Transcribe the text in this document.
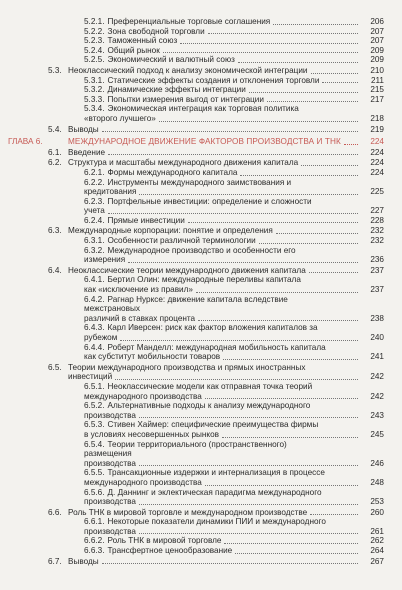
5.2.1. Преференциальные торговые соглашения	206
5.2.2. Зона свободной торговли	207
5.2.3. Таможенный союз	207
5.2.4. Общий рынок	209
5.2.5. Экономический и валютный союз	209
5.3. Неоклассический подход к анализу экономической интеграции	210
5.3.1. Статические эффекты создания и отклонения торговли	211
5.3.2. Динамические эффекты интеграции	215
5.3.3. Попытки измерения выгод от интеграции	217
5.3.4. Экономическая интеграция как торговая политика
«второго лучшего»	218
5.4. Выводы	219
ГЛАВА 6.	МЕЖДУНАРОДНОЕ ДВИЖЕНИЕ ФАКТОРОВ ПРОИЗВОДСТВА И ТНК	224
6.1. Введение	224
6.2. Структура и масштабы международного движения капитала	224
6.2.1. Формы международного капитала	224
6.2.2. Инструменты международного заимствования и кредитования	225
6.2.3. Портфельные инвестиции: определение и сложности учета	227
6.2.4. Прямые инвестиции	228
6.3. Международные корпорации: понятие и определения	232
6.3.1. Особенности различной терминологии	232
6.3.2. Международное производство и особенности его измерения	236
6.4. Неоклассические теории международного движения капитала	237
6.4.1. Бертил Олин: международные переливы капитала
как «исключение из правил»	237
6.4.2. Рагнар Нурксе: движение капитала вследствие межстрановых
различий в ставках процента	238
6.4.3. Карл Иверсен: риск как фактор вложения капиталов за рубежом	240
6.4.4. Роберт Манделл: международная мобильность капитала
как субститут мобильности товаров	241
6.5. Теории международного производства и прямых иностранных инвестиций	242
6.5.1. Неоклассические модели как отправная точка теорий
международного производства	242
6.5.2. Альтернативные подходы к анализу международного производства	243
6.5.3. Стивен Хаймер: специфические преимущества фирмы
в условиях несовершенных рынков	245
6.5.4. Теории территориального (пространственного) размещения
производства	246
6.5.5. Трансакционные издержки и интернализация в процессе
международного производства	248
6.5.6. Д. Даннинг и эклектическая парадигма международного
производства	253
6.6. Роль ТНК в мировой торговле и международном производстве	260
6.6.1. Некоторые показатели динамики ПИИ и международного
производства	261
6.6.2. Роль ТНК в мировой торговле	262
6.6.3. Трансфертное ценообразование	264
6.7. Выводы	267
